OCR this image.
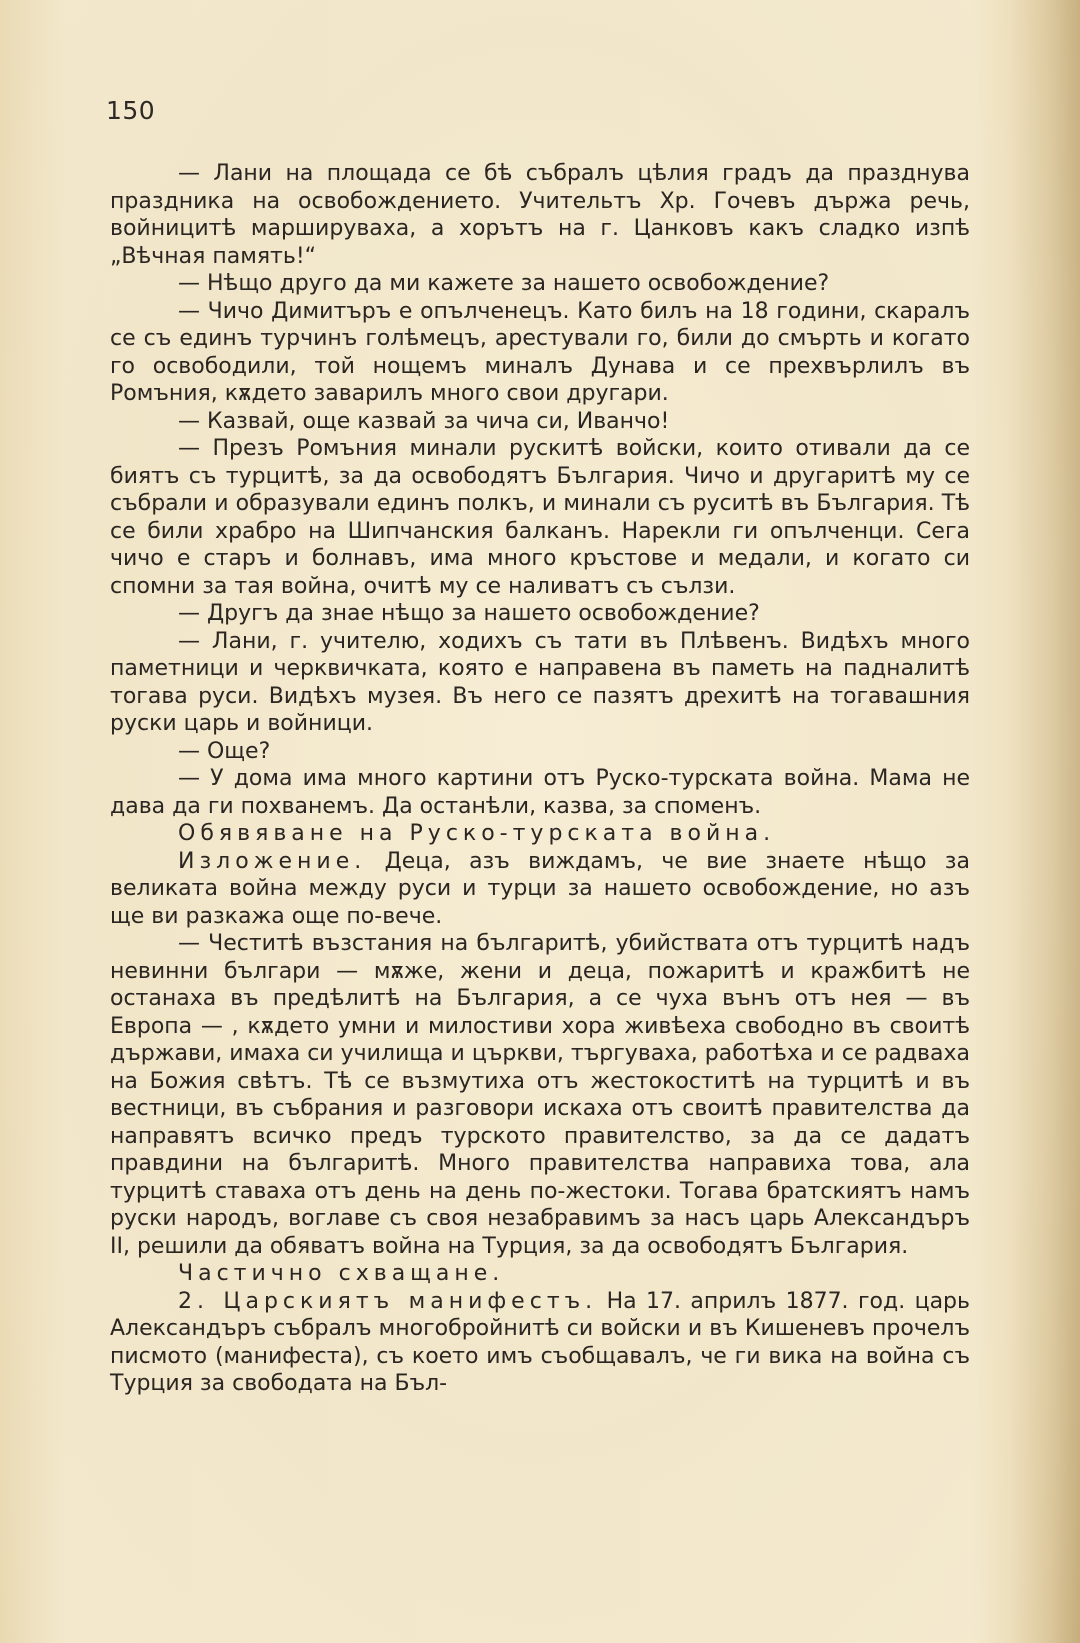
150

— Лани на площада се бѣ събралъ цѣлия градъ да празднува праздника на освобождението. Учительтъ Хр. Гочевъ държа речь, войницитѣ маршируваха, а хорътъ на г. Цанковъ какъ сладко изпѣ „Вѣчная память!“

— Нѣщо друго да ми кажете за нашето освобождение?

— Чичо Димитъръ е опълченецъ. Като билъ на 18 години, скаралъ се съ единъ турчинъ голѣмецъ, арестували го, били до смърть и когато го освободили, той нощемъ миналъ Дунава и се прехвърлилъ въ Ромъния, кѫдето заварилъ много свои другари.

— Казвай, още казвай за чича си, Иванчо!

— Презъ Ромъния минали рускитѣ войски, които отивали да се биятъ съ турцитѣ, за да освободятъ България. Чичо и другаритѣ му се събрали и образували единъ полкъ, и минали съ руситѣ въ България. Тѣ се били храбро на Шипчанския балканъ. Нарекли ги опълченци. Сега чичо е старъ и болнавъ, има много кръстове и медали, и когато си спомни за тая война, очитѣ му се наливатъ съ сълзи.

— Другъ да знае нѣщо за нашето освобождение?

— Лани, г. учителю, ходихъ съ тати въ Плѣвенъ. Видѣхъ много паметници и черквичката, която е направена въ паметь на падналитѣ тогава руси. Видѣхъ музея. Въ него се пазятъ дрехитѣ на тогавашния руски царь и войници.

— Още?

— У дома има много картини отъ Руско-турската война. Мама не дава да ги похванемъ. Да останѣли, казва, за споменъ.

Обявяване на Руско-турската война.

Изложение. Деца, азъ виждамъ, че вие знаете нѣщо за великата война между руси и турци за нашето освобождение, но азъ ще ви разкажа още по-вече.

— Честитѣ възстания на българитѣ, убийствата отъ турцитѣ надъ невинни българи — мѫже, жени и деца, пожаритѣ и кражбитѣ не останаха въ предѣлитѣ на България, а се чуха вънъ отъ нея — въ Европа — , кѫдето умни и милостиви хора живѣеха свободно въ своитѣ държави, имаха си училища и църкви, търгуваха, работѣха и се радваха на Божия свѣтъ. Тѣ се възмутиха отъ жестокоститѣ на турцитѣ и въ вестници, въ събрания и разговори искаха отъ своитѣ правителства да направятъ всичко предъ турското правителство, за да се дадатъ правдини на българитѣ. Много правителства направиха това, ала турцитѣ ставаха отъ день на день по-жестоки. Тогава братскиятъ намъ руски народъ, воглаве съ своя незабравимъ за насъ царь Александъръ II, решили да обяватъ война на Турция, за да освободятъ България.

Частично схващане.

2. Царскиятъ манифестъ. На 17. априлъ 1877. год. царь Александъръ събралъ многобройнитѣ си войски и въ Кишеневъ прочелъ писмото (манифеста), съ което имъ съобщавалъ, че ги вика на война съ Турция за свободата на Бъл-
